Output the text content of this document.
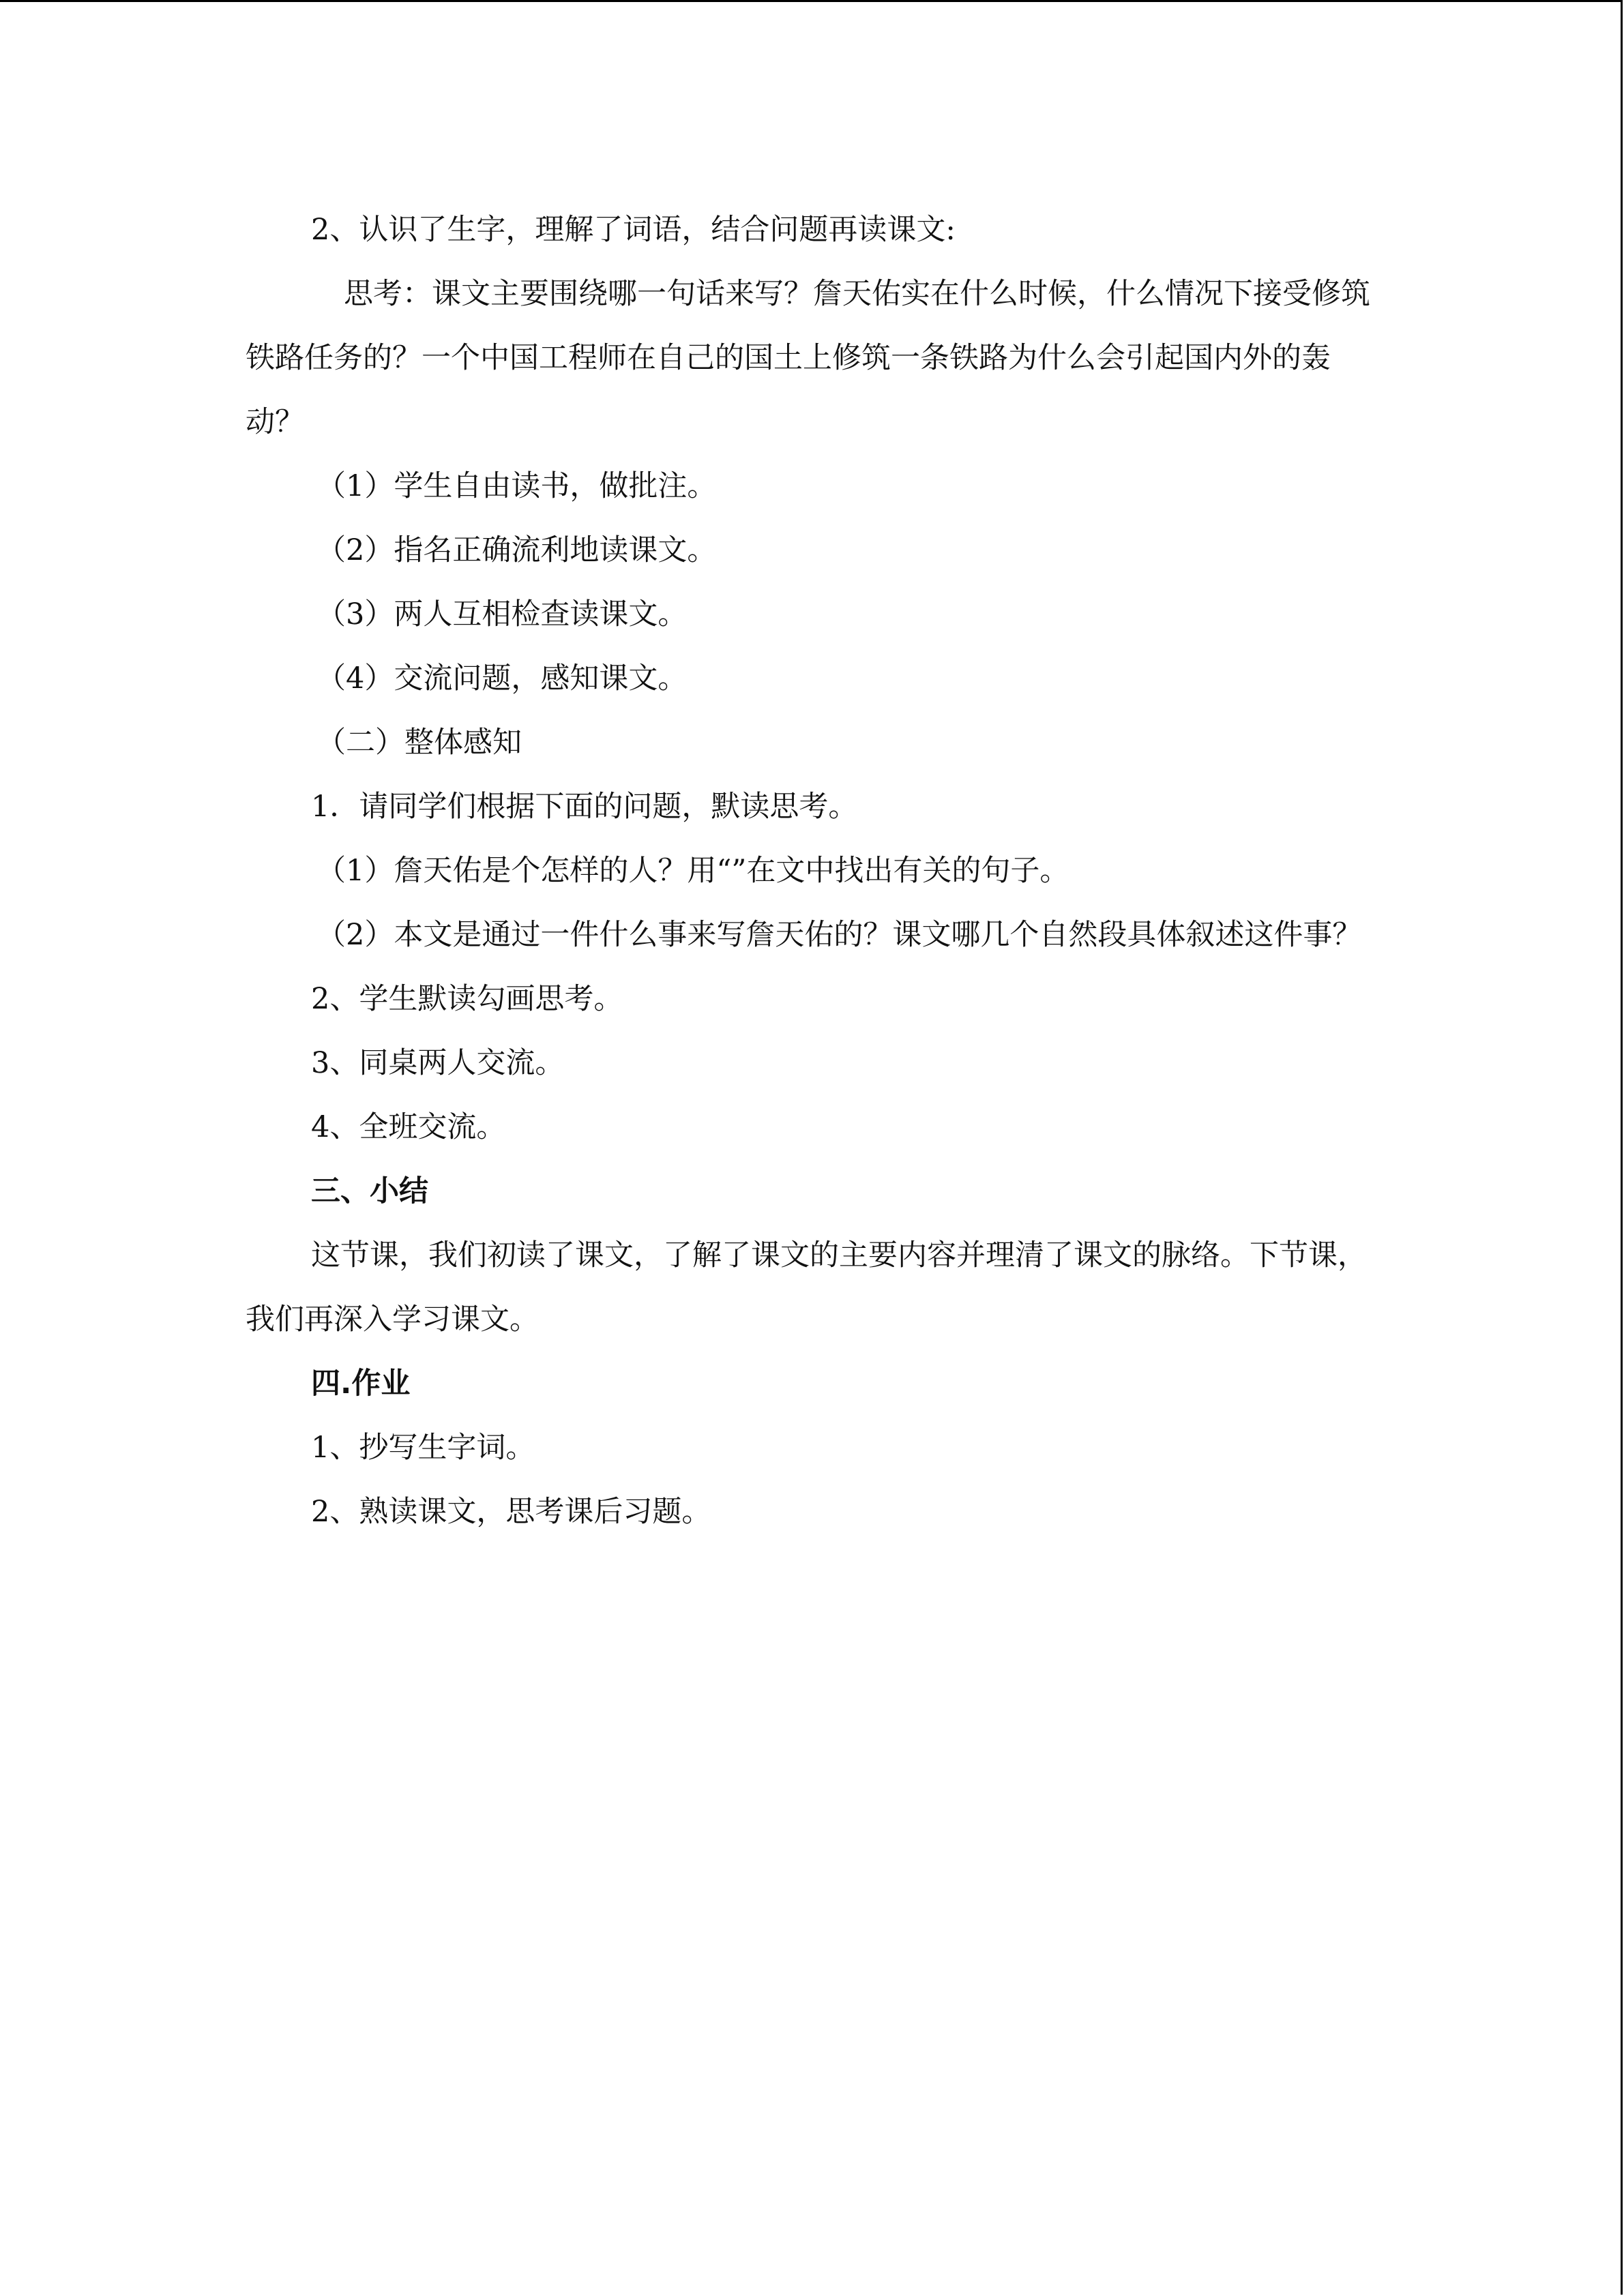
2、认识了生字，理解了词语，结合问题再读课文:

思考：课文主要围绕哪一句话来写？詹天佑实在什么时候，什么情况下接受修筑铁路任务的？一个中国工程师在自己的国土上修筑一条铁路为什么会引起国内外的轰动？

（1）学生自由读书，做批注。

（2）指名正确流利地读课文。

（3）两人互相检查读课文。

（4）交流问题，感知课文。

（二）整体感知

1．请同学们根据下面的问题，默读思考。

（1）詹天佑是个怎样的人？用“”在文中找出有关的句子。

（2）本文是通过一件什么事来写詹天佑的？课文哪几个自然段具体叙述这件事？

2、学生默读勾画思考。

3、同桌两人交流。

4、全班交流。

三、小结

这节课，我们初读了课文，了解了课文的主要内容并理清了课文的脉络。下节课，我们再深入学习课文。

四.作业

1、抄写生字词。

2、熟读课文，思考课后习题。
